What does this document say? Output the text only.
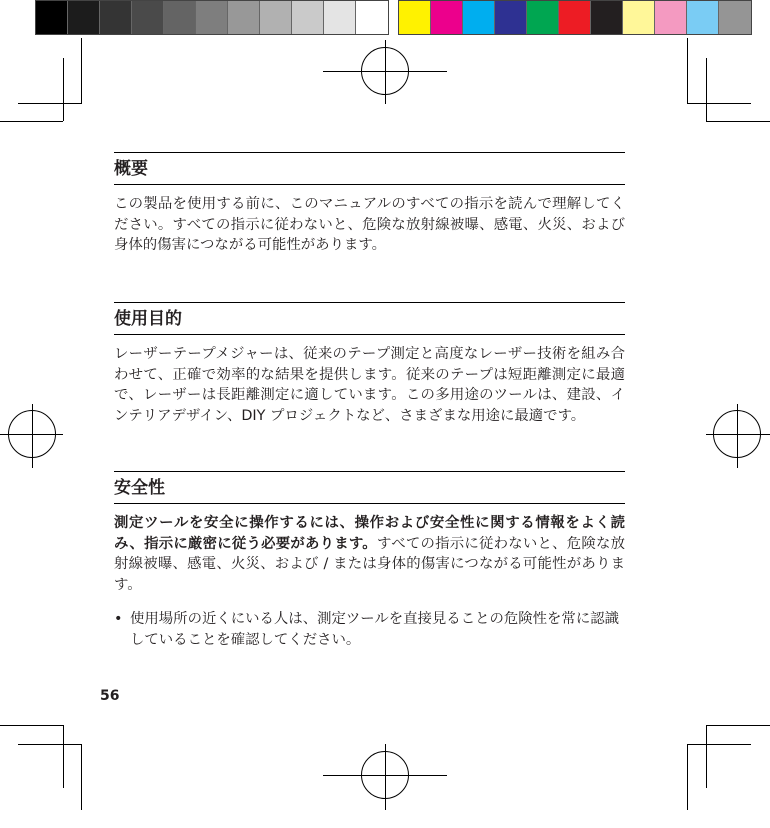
概要

この製品を使用する前に、このマニュアルのすべての指示を読んで理解してください。すべての指示に従わないと、危険な放射線被曝、感電、火災、および身体的傷害につながる可能性があります。

使用目的

レーザーテープメジャーは、従来のテープ測定と高度なレーザー技術を組み合わせて、正確で効率的な結果を提供します。従来のテープは短距離測定に最適で、レーザーは長距離測定に適しています。この多用途のツールは、建設、インテリアデザイン、DIY プロジェクトなど、さまざまな用途に最適です。

安全性

測定ツールを安全に操作するには、操作および安全性に関する情報をよく読み、指示に厳密に従う必要があります。すべての指示に従わないと、危険な放射線被曝、感電、火災、および / または身体的傷害につながる可能性があります。

• 使用場所の近くにいる人は、測定ツールを直接見ることの危険性を常に認識していることを確認してください。
56
